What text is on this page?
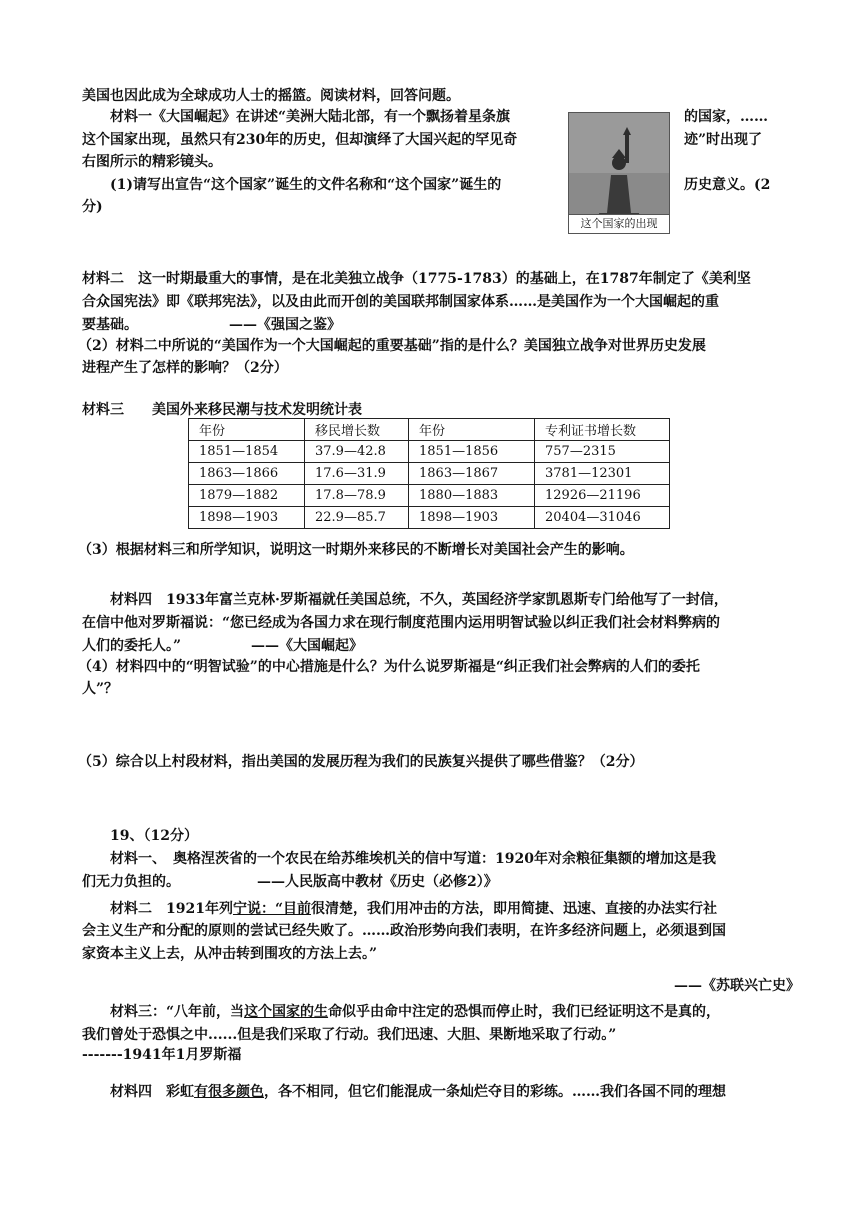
美国也因此成为全球成功人士的摇篮。阅读材料，回答问题。
材料一《大国崛起》在讲述“美洲大陆北部，有一个飘扬着星条旗	的国家，……
这个国家出现，虽然只有230年的历史，但却演绎了大国兴起的罕见奇	迹”时出现了
右图所示的精彩镜头。
(1)请写出宣告“这个国家”诞生的文件名称和“这个国家”诞生的	历史意义。(2
分)
这个国家的出现
材料二　这一时期最重大的事情，是在北美独立战争（1775-1783）的基础上，在1787年制定了《美利坚
合众国宪法》即《联邦宪法》，以及由此而开创的美国联邦制国家体系……是美国作为一个大国崛起的重
要基础。　　　　　　　——《强国之鉴》
（2）材料二中所说的“美国作为一个大国崛起的重要基础”指的是什么？美国独立战争对世界历史发展
进程产生了怎样的影响？（2分）
材料三　　美国外来移民潮与技术发明统计表
年份	移民增长数	年份	专利证书增长数
1851—1854	37.9—42.8	1851—1856	757—2315
1863—1866	17.6—31.9	1863—1867	3781—12301
1879—1882	17.8—78.9	1880—1883	12926—21196
1898—1903	22.9—85.7	1898—1903	20404—31046
（3）根据材料三和所学知识，说明这一时期外来移民的不断增长对美国社会产生的影响。
材料四　1933年富兰克林·罗斯福就任美国总统，不久，英国经济学家凯恩斯专门给他写了一封信，
在信中他对罗斯福说：“您已经成为各国力求在现行制度范围内运用明智试验以纠正我们社会材料弊病的
人们的委托人。”　　　　　——《大国崛起》
（4）材料四中的“明智试验”的中心措施是什么？为什么说罗斯福是“纠正我们社会弊病的人们的委托
人”？
（5）综合以上村段材料，指出美国的发展历程为我们的民族复兴提供了哪些借鉴？（2分）
19、（12分）
材料一、　奥格涅茨省的一个农民在给苏维埃机关的信中写道：1920年对余粮征集额的增加这是我
们无力负担的。　　　　　　——人民版高中教材《历史（必修2）》
材料二　1921年列宁说：“目前很清楚，我们用冲击的方法，即用简捷、迅速、直接的办法实行社
会主义生产和分配的原则的尝试已经失败了。……政治形势向我们表明，在许多经济问题上，必须退到国
家资本主义上去，从冲击转到围攻的方法上去。”
——《苏联兴亡史》
材料三：“八年前，当这个国家的生命似乎由命中注定的恐惧而停止时，我们已经证明这不是真的，
我们曾处于恐惧之中......但是我们采取了行动。我们迅速、大胆、果断地采取了行动。”
-------1941年1月罗斯福
材料四　彩虹有很多颜色，各不相同，但它们能混成一条灿烂夺目的彩练。……我们各国不同的理想
